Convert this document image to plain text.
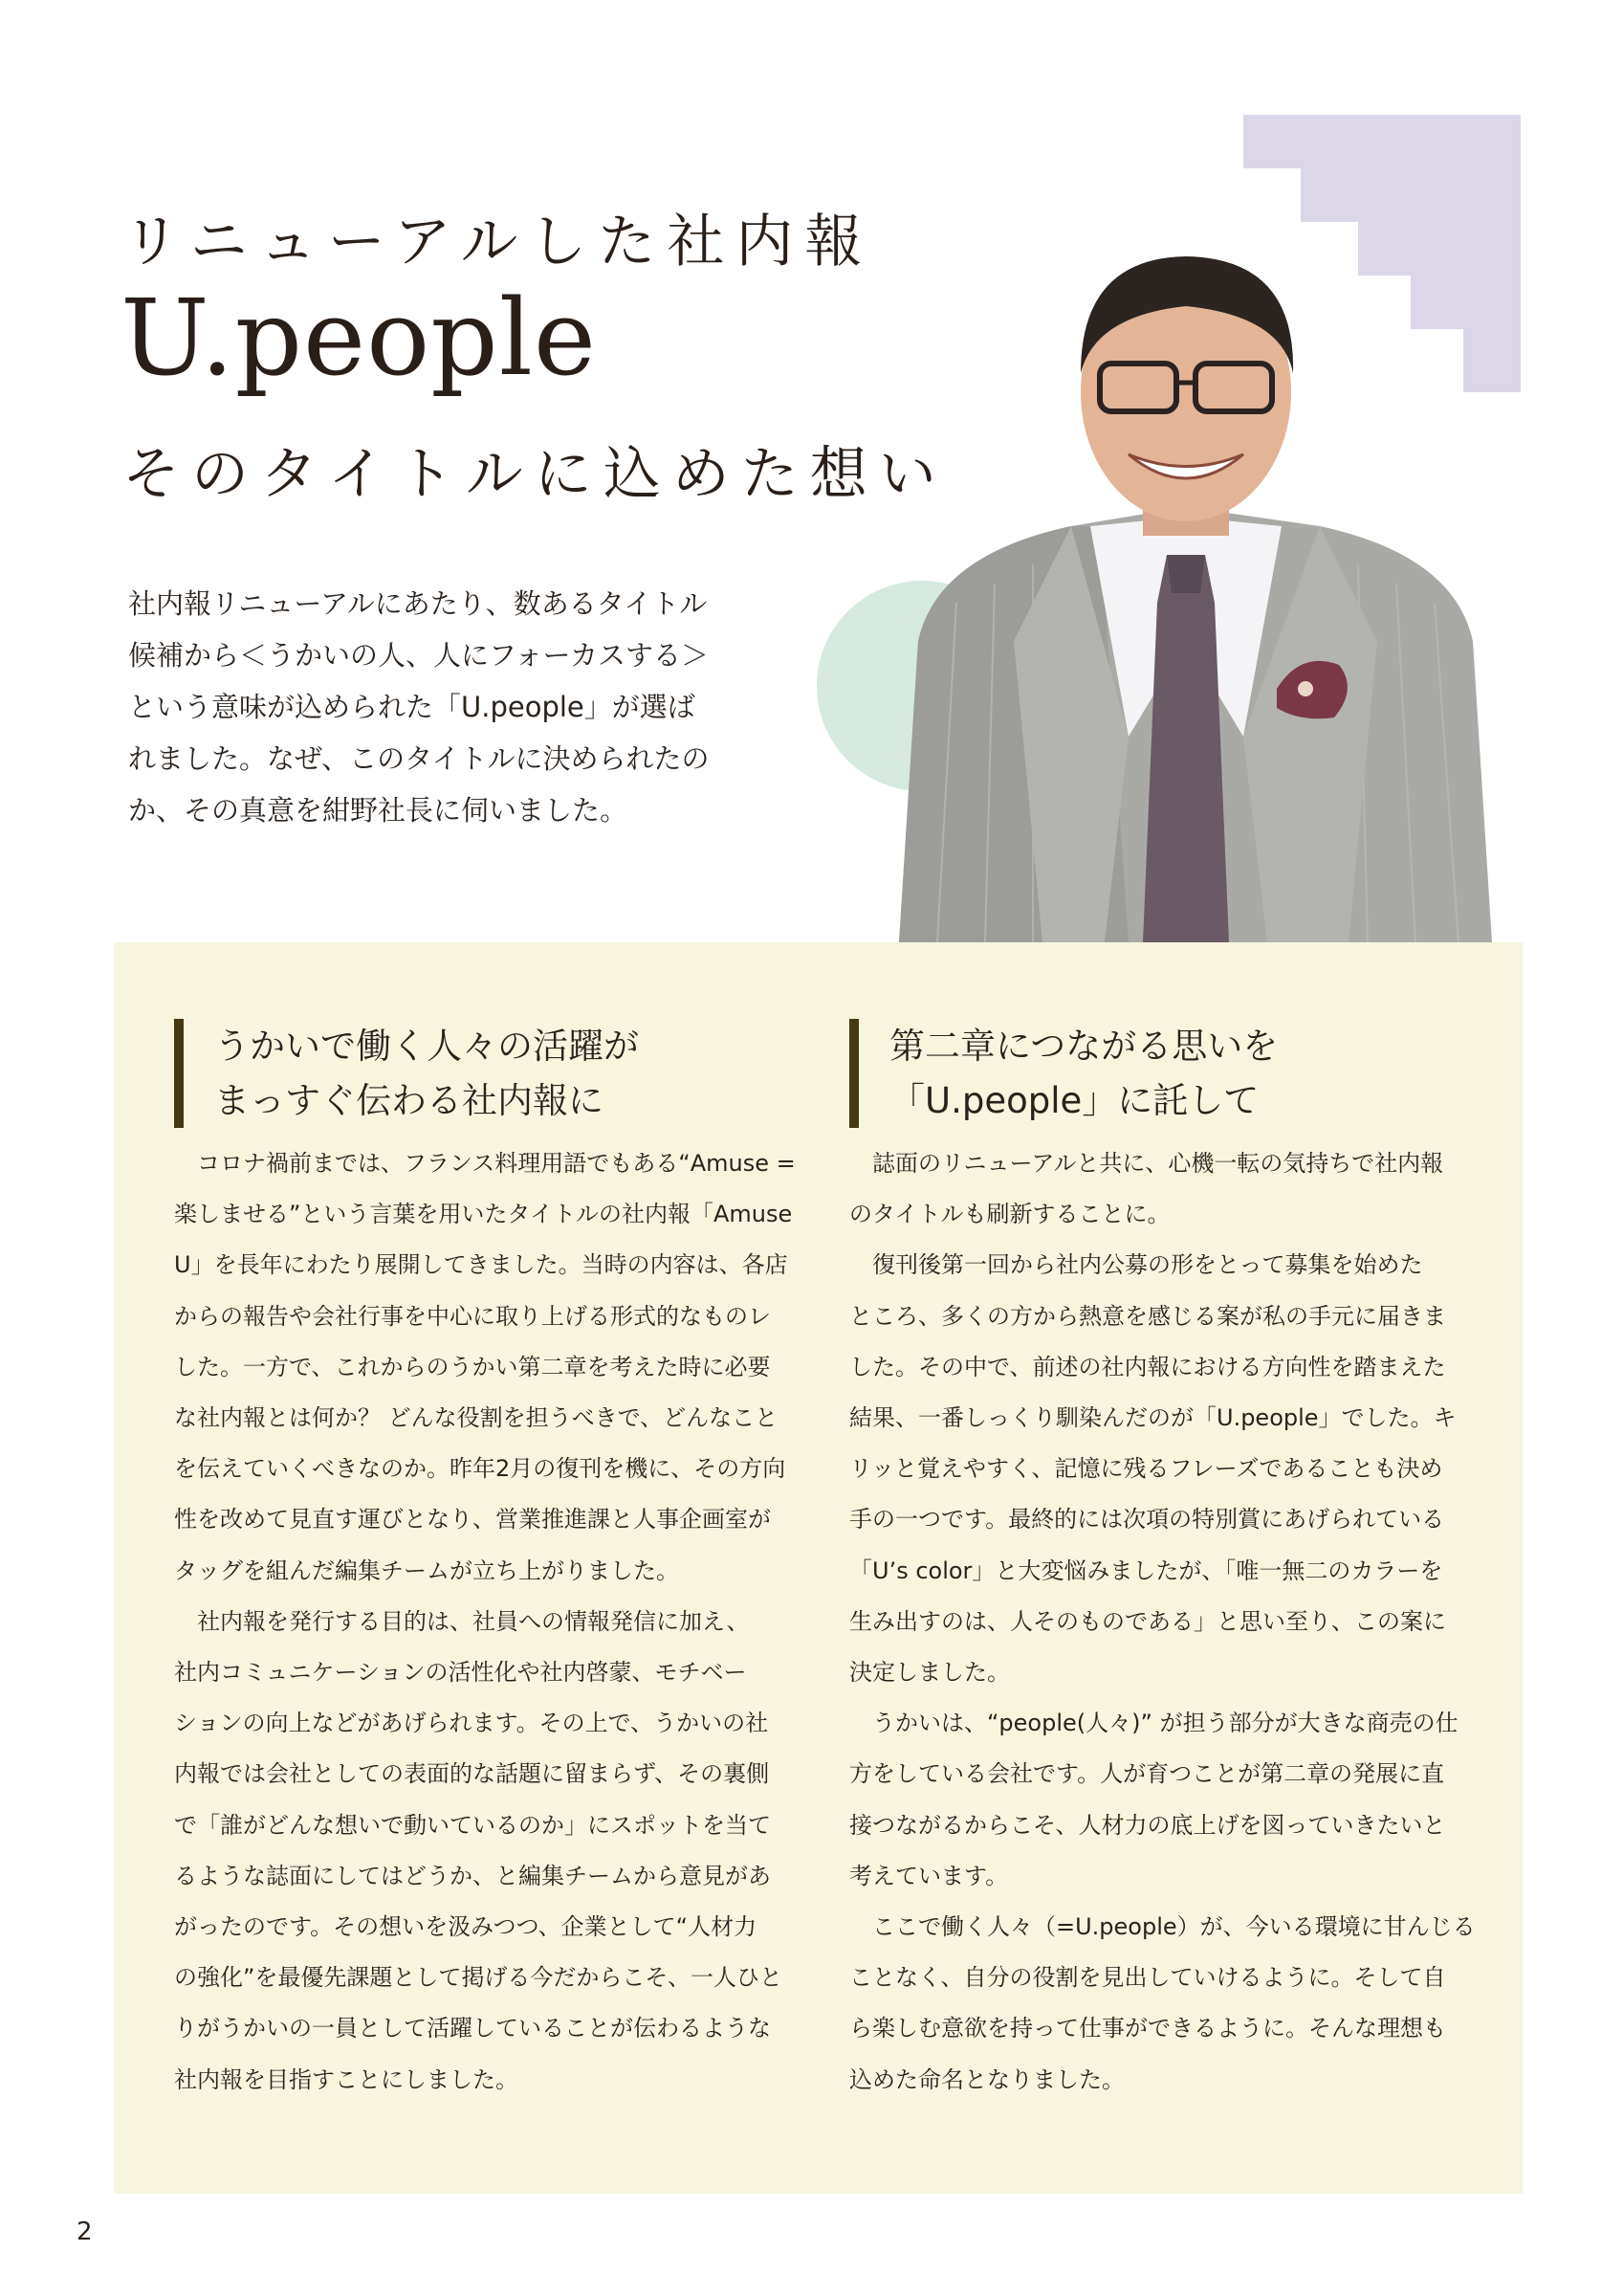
リニューアルした社内報
U.people
そのタイトルに込めた想い

社内報リニューアルにあたり、数あるタイトル
候補から＜うかいの人、人にフォーカスする＞
という意味が込められた「U.people」が選ば
れました。なぜ、このタイトルに決められたの
か、その真意を紺野社長に伺いました。

うかいで働く人々の活躍が
まっすぐ伝わる社内報に
第二章につながる思いを
「U.people」に託して

　コロナ禍前までは、フランス料理用語でもある“Amuse =
楽しませる”という言葉を用いたタイトルの社内報「Amuse
U」を長年にわたり展開してきました。当時の内容は、各店
からの報告や会社行事を中心に取り上げる形式的なものレ
した。一方で、これからのうかい第二章を考えた時に必要
な社内報とは何か？ どんな役割を担うべきで、どんなこと
を伝えていくべきなのか。昨年2月の復刊を機に、その方向
性を改めて見直す運びとなり、営業推進課と人事企画室が
タッグを組んだ編集チームが立ち上がりました。
　社内報を発行する目的は、社員への情報発信に加え、
社内コミュニケーションの活性化や社内啓蒙、モチベー
ションの向上などがあげられます。その上で、うかいの社
内報では会社としての表面的な話題に留まらず、その裏側
で「誰がどんな想いで動いているのか」にスポットを当て
るような誌面にしてはどうか、と編集チームから意見があ
がったのです。その想いを汲みつつ、企業として“人材力
の強化”を最優先課題として掲げる今だからこそ、一人ひと
りがうかいの一員として活躍していることが伝わるような
社内報を目指すことにしました。

　誌面のリニューアルと共に、心機一転の気持ちで社内報
のタイトルも刷新することに。
　復刊後第一回から社内公募の形をとって募集を始めた
ところ、多くの方から熱意を感じる案が私の手元に届きま
した。その中で、前述の社内報における方向性を踏まえた
結果、一番しっくり馴染んだのが「U.people」でした。キ
リッと覚えやすく、記憶に残るフレーズであることも決め
手の一つです。最終的には次項の特別賞にあげられている
「U’s color」と大変悩みましたが、「唯一無二のカラーを
生み出すのは、人そのものである」と思い至り、この案に
決定しました。
　うかいは、“people(人々)” が担う部分が大きな商売の仕
方をしている会社です。人が育つことが第二章の発展に直
接つながるからこそ、人材力の底上げを図っていきたいと
考えています。
　ここで働く人々（=U.people）が、今いる環境に甘んじる
ことなく、自分の役割を見出していけるように。そして自
ら楽しむ意欲を持って仕事ができるように。そんな理想も
込めた命名となりました。

2
